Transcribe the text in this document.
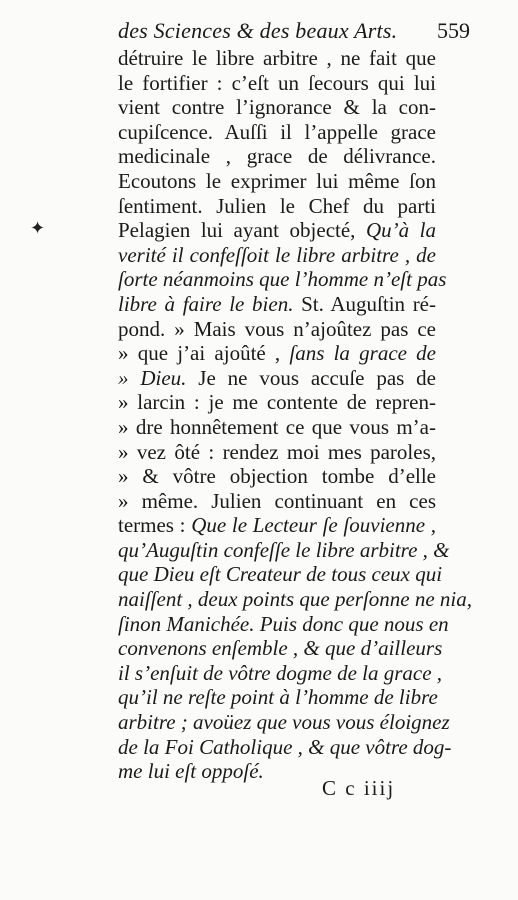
des Sciences & des beaux Arts. 559
✦
détruire le libre arbitre , ne fait que
le fortifier : c’eſt un ſecours qui lui
vient contre l’ignorance & la con-
cupiſcence. Auſſi il l’appelle grace
medicinale , grace de délivrance.
Ecoutons le exprimer lui même ſon
ſentiment. Julien le Chef du parti
Pelagien lui ayant objecté, Qu’à la
verité il confeſſoit le libre arbitre , de
ſorte néanmoins que l’homme n’eſt pas
libre à faire le bien. St. Auguſtin ré-
pond. » Mais vous n’ajoûtez pas ce
» que j’ai ajoûté , ſans la grace de
» Dieu. Je ne vous accuſe pas de
» larcin : je me contente de repren-
» dre honnêtement ce que vous m’a-
» vez ôté : rendez moi mes paroles,
» & vôtre objection tombe d’elle
» même. Julien continuant en ces
termes : Que le Lecteur ſe ſouvienne ,
qu’Auguſtin confeſſe le libre arbitre , &
que Dieu eſt Createur de tous ceux qui
naiſſent , deux points que perſonne ne nia,
ſinon Manichée. Puis donc que nous en
convenons enſemble , & que d’ailleurs
il s’enſuit de vôtre dogme de la grace ,
qu’il ne reſte point à l’homme de libre
arbitre ; avoüez que vous vous éloignez
de la Foi Catholique , & que vôtre dog-
me lui eſt oppoſé.
C c iiij
